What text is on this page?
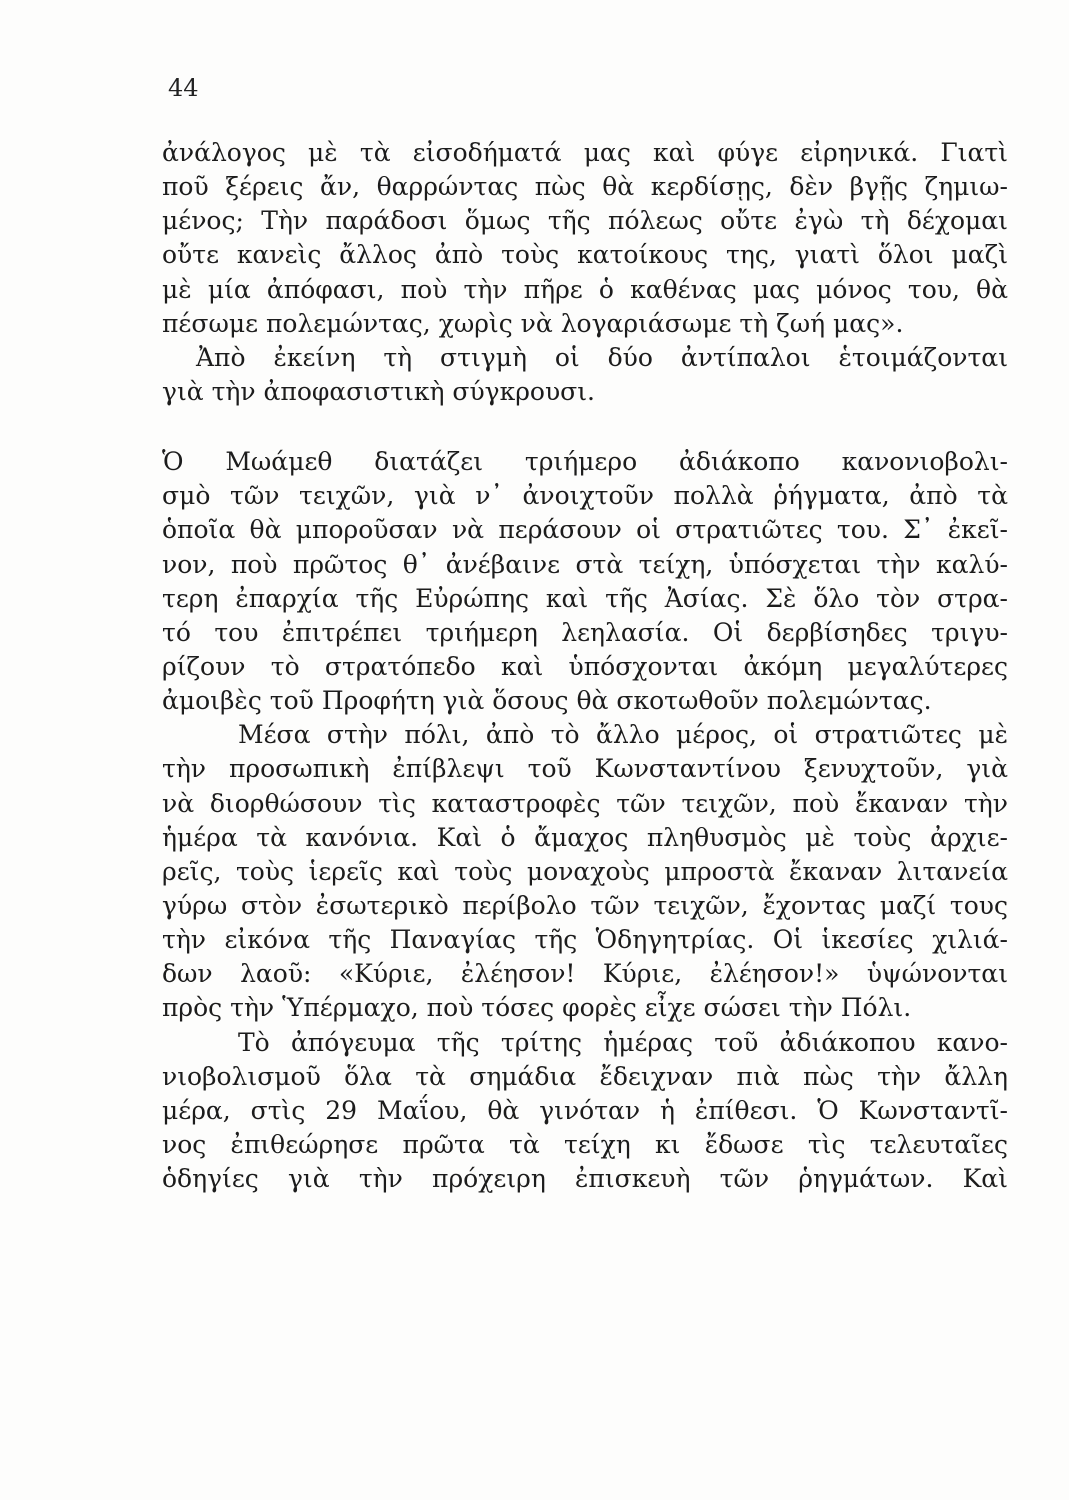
44
ἀνάλογος μὲ τὰ εἰσοδήματά μας καὶ φύγε εἰρηνικά. Γιατὶ
ποῦ ξέρεις ἄν, θαρρώντας πὼς θὰ κερδίσῃς, δὲν βγῇς ζημιω-
μένος; Τὴν παράδοσι ὅμως τῆς πόλεως οὔτε ἐγὼ τὴ δέχομαι
οὔτε κανεὶς ἄλλος ἀπὸ τοὺς κατοίκους της, γιατὶ ὅλοι μαζὶ
μὲ μία ἀπόφασι, ποὺ τὴν πῆρε ὁ καθένας μας μόνος του, θὰ
πέσωμε πολεμώντας, χωρὶς νὰ λογαριάσωμε τὴ ζωή μας».
Ἀπὸ ἐκείνη τὴ στιγμὴ οἱ δύο ἀντίπαλοι ἑτοιμάζονται
γιὰ τὴν ἀποφασιστικὴ σύγκρουσι.
Ὁ Μωάμεθ διατάζει τριήμερο ἀδιάκοπο κανονιοβολι-
σμὸ τῶν τειχῶν, γιὰ ν᾽ ἀνοιχτοῦν πολλὰ ῥήγματα, ἀπὸ τὰ
ὁποῖα θὰ μποροῦσαν νὰ περάσουν οἱ στρατιῶτες του. Σ᾽ ἐκεῖ-
νον, ποὺ πρῶτος θ᾽ ἀνέβαινε στὰ τείχη, ὑπόσχεται τὴν καλύ-
τερη ἐπαρχία τῆς Εὐρώπης καὶ τῆς Ἀσίας. Σὲ ὅλο τὸν στρα-
τό του ἐπιτρέπει τριήμερη λεηλασία. Οἱ δερβίσηδες τριγυ-
ρίζουν τὸ στρατόπεδο καὶ ὑπόσχονται ἀκόμη μεγαλύτερες
ἀμοιβὲς τοῦ Προφήτη γιὰ ὅσους θὰ σκοτωθοῦν πολεμώντας.
Μέσα στὴν πόλι, ἀπὸ τὸ ἄλλο μέρος, οἱ στρατιῶτες μὲ
τὴν προσωπικὴ ἐπίβλεψι τοῦ Κωνσταντίνου ξενυχτοῦν, γιὰ
νὰ διορθώσουν τὶς καταστροφὲς τῶν τειχῶν, ποὺ ἔκαναν τὴν
ἡμέρα τὰ κανόνια. Καὶ ὁ ἄμαχος πληθυσμὸς μὲ τοὺς ἀρχιε-
ρεῖς, τοὺς ἱερεῖς καὶ τοὺς μοναχοὺς μπροστὰ ἔκαναν λιτανεία
γύρω στὸν ἐσωτερικὸ περίβολο τῶν τειχῶν, ἔχοντας μαζί τους
τὴν εἰκόνα τῆς Παναγίας τῆς Ὁδηγητρίας. Οἱ ἱκεσίες χιλιά-
δων λαοῦ: «Κύριε, ἐλέησον! Κύριε, ἐλέησον!» ὑψώνονται
πρὸς τὴν Ὑπέρμαχο, ποὺ τόσες φορὲς εἶχε σώσει τὴν Πόλι.
Τὸ ἀπόγευμα τῆς τρίτης ἡμέρας τοῦ ἀδιάκοπου κανο-
νιοβολισμοῦ ὅλα τὰ σημάδια ἔδειχναν πιὰ πὼς τὴν ἄλλη
μέρα, στὶς 29 Μαΐου, θὰ γινόταν ἡ ἐπίθεσι. Ὁ Κωνσταντῖ-
νος ἐπιθεώρησε πρῶτα τὰ τείχη κι ἔδωσε τὶς τελευταῖες
ὁδηγίες γιὰ τὴν πρόχειρη ἐπισκευὴ τῶν ῥηγμάτων. Καὶ
